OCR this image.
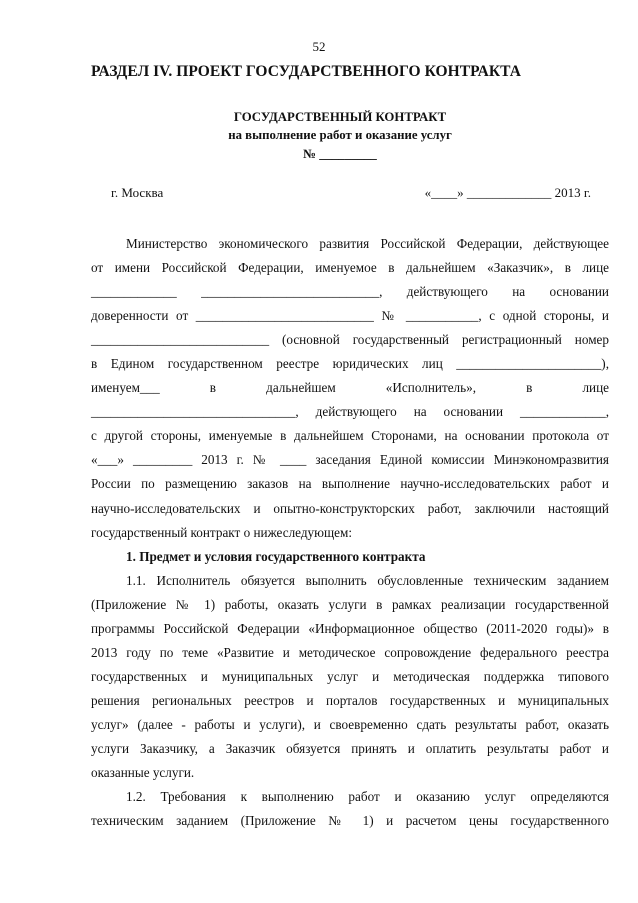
52
РАЗДЕЛ IV. ПРОЕКТ ГОСУДАРСТВЕННОГО КОНТРАКТА
ГОСУДАРСТВЕННЫЙ КОНТРАКТ
на выполнение работ и оказание услуг
№ _________
г. Москва	«____» _____________ 2013 г.

Министерство экономического развития Российской Федерации, действующее

от имени Российской Федерации, именуемое в дальнейшем «Заказчик», в лице

_____________ ___________________________, действующего на основании

доверенности от ___________________________ № ___________, с одной стороны, и

___________________________ (основной государственный регистрационный номер

в Едином государственном реестре юридических лиц ______________________),

именуем___ в дальнейшем «Исполнитель», в лице

_______________________________, действующего на основании _____________,

с другой стороны, именуемые в дальнейшем Сторонами, на основании протокола от

«___» _________ 2013 г. № ____ заседания Единой комиссии Минэкономразвития

России по размещению заказов на выполнение научно-исследовательских работ и

научно-исследовательских и опытно-конструкторских работ, заключили настоящий

государственный контракт о нижеследующем:

1. Предмет и условия государственного контракта

1.1. Исполнитель обязуется выполнить обусловленные техническим заданием

(Приложение № 1) работы, оказать услуги в рамках реализации государственной

программы Российской Федерации «Информационное общество (2011-2020 годы)» в

2013 году по теме «Развитие и методическое сопровождение федерального реестра

государственных и муниципальных услуг и методическая поддержка типового

решения региональных реестров и порталов государственных и муниципальных

услуг» (далее - работы и услуги), и своевременно сдать результаты работ, оказать

услуги Заказчику, а Заказчик обязуется принять и оплатить результаты работ и

оказанные услуги.

1.2. Требования к выполнению работ и оказанию услуг определяются

техническим заданием (Приложение № 1) и расчетом цены государственного
